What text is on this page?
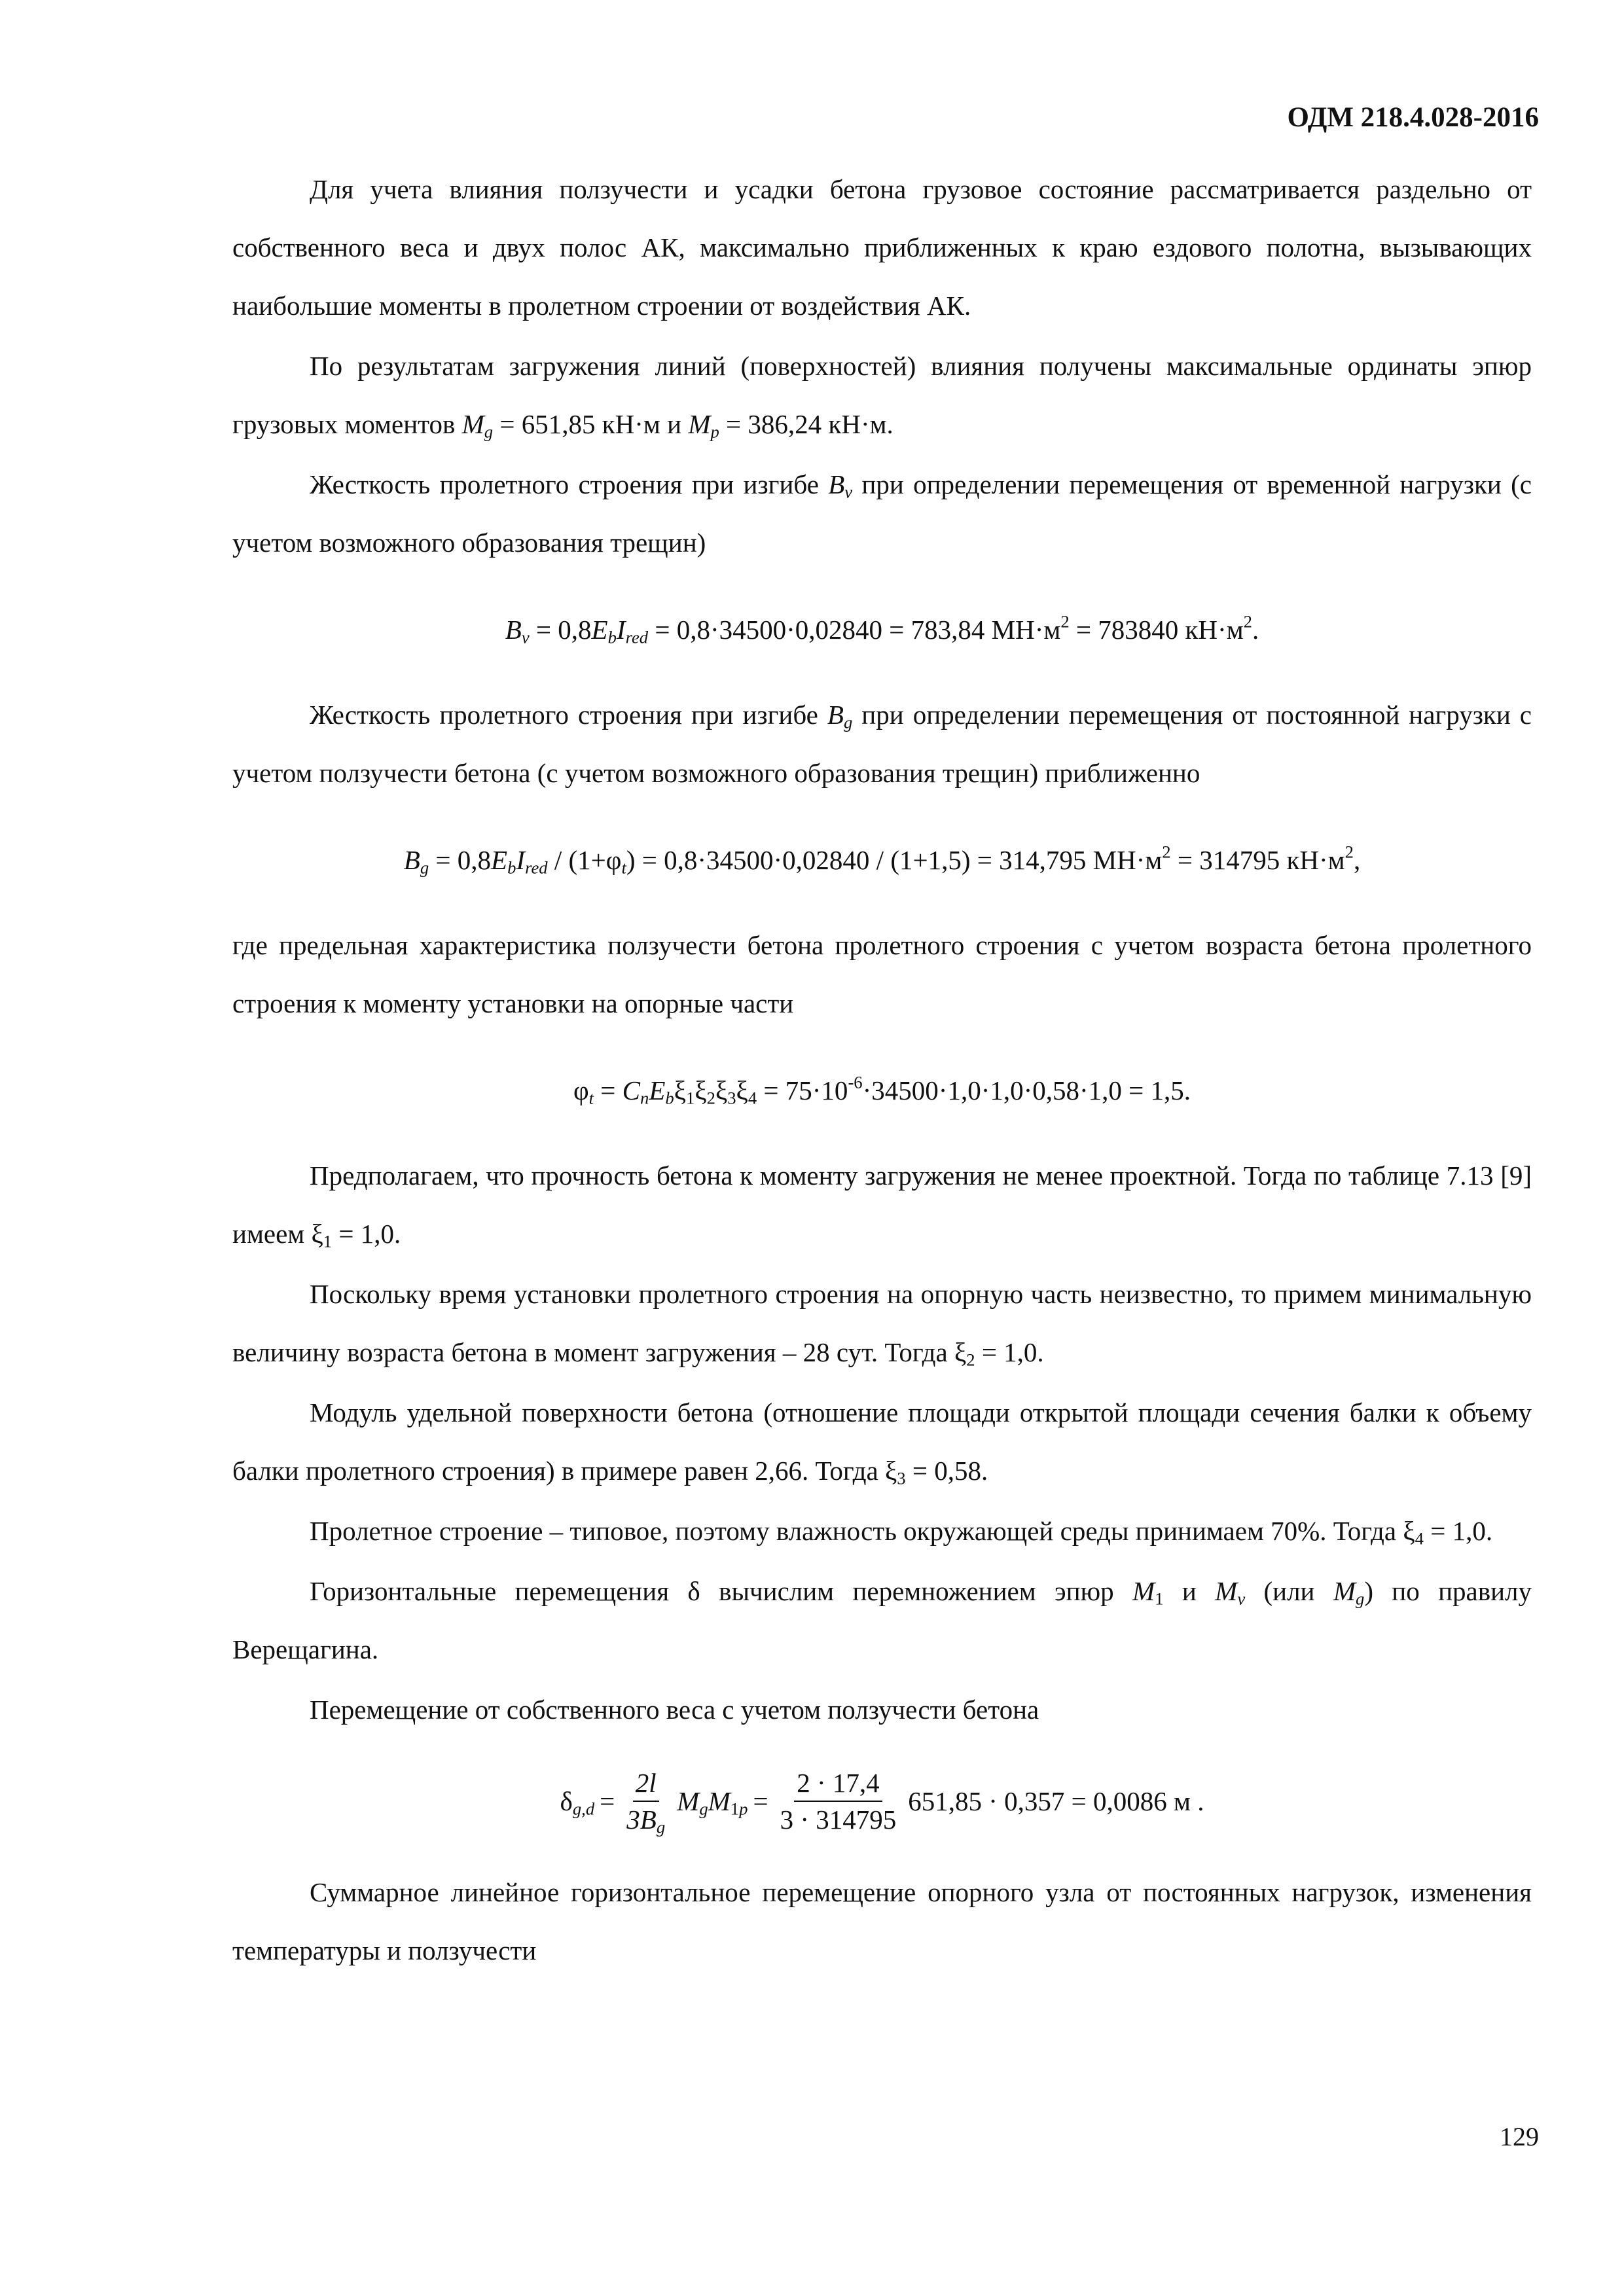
ОДМ 218.4.028-2016

Для учета влияния ползучести и усадки бетона грузовое состояние рассматривается раздельно от собственного веса и двух полос АК, максимально приближенных к краю ездового полотна, вызывающих наибольшие моменты в пролетном строении от воздействия АК.

По результатам загружения линий (поверхностей) влияния получены максимальные ординаты эпюр грузовых моментов $M_g = 651,85$ кН·м и $M_p = 386,24$ кН·м.

Жесткость пролетного строения при изгибе $B_v$ при определении перемещения от временной нагрузки (с учетом возможного образования трещин)

$B_v = 0,8E_bI_{red} = 0,8\cdot 34500\cdot 0,02840 = 783,84$ $МН\cdot м^2 = 783840$ $кН\cdot м^2$.

Жесткость пролетного строения при изгибе $B_g$ при определении перемещения от постоянной нагрузки с учетом ползучести бетона (с учетом возможного образования трещин) приближенно

$B_g = 0,8E_bI_{red} / (1+\varphi_t) = 0,8\cdot 34500\cdot 0,02840 / (1+1,5) = 314,795$ $МН\cdot м^2 = 314795$ $кН\cdot м^2$,

где предельная характеристика ползучести бетона пролетного строения с учетом возраста бетона пролетного строения к моменту установки на опорные части

$\varphi_t = C_nE_b\xi_1\xi_2\xi_3\xi_4 = 75\cdot 10^{-6}\cdot 34500\cdot 1,0\cdot 1,0\cdot 0,58\cdot 1,0 = 1,5$.

Предполагаем, что прочность бетона к моменту загружения не менее проектной. Тогда по таблице 7.13 [9] имеем $\xi_1 = 1,0$.

Поскольку время установки пролетного строения на опорную часть неизвестно, то примем минимальную величину возраста бетона в момент загружения – 28 сут. Тогда $\xi_2 = 1,0$.

Модуль удельной поверхности бетона (отношение площади открытой площади сечения балки к объему балки пролетного строения) в примере равен 2,66. Тогда $\xi_3 = 0,58$.

Пролетное строение – типовое, поэтому влажность окружающей среды принимаем 70%. Тогда $\xi_4 = 1,0$.

Горизонтальные перемещения δ вычислим перемножением эпюр $M_1$ и $M_v$ (или $M_g$) по правилу Верещагина.

Перемещение от собственного веса с учетом ползучести бетона

$\delta_{g,d} = \frac{2l}{3B_g} M_gM_{1p} = \frac{2 \cdot 17,4}{3 \cdot 314795} 651,85 \cdot 0,357 = 0,0086$ м .

Суммарное линейное горизонтальное перемещение опорного узла от постоянных нагрузок, изменения температуры и ползучести

129
